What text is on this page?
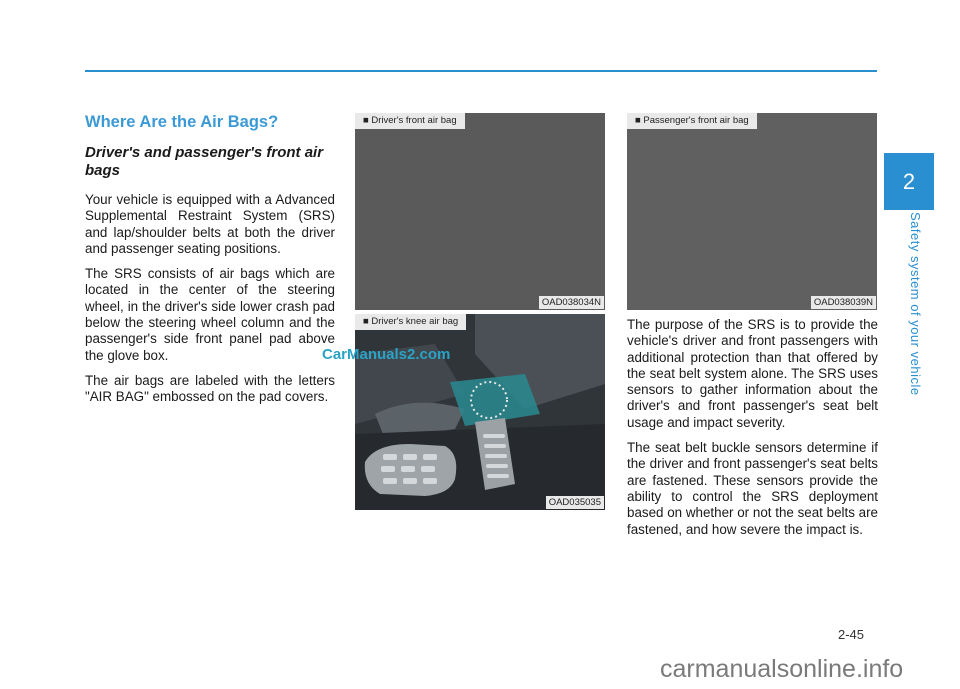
2
Safety system of your vehicle
Where Are the Air Bags?
Driver's and passenger's front air bags

Your vehicle is equipped with a Advanced Supplemental Restraint System (SRS) and lap/shoulder belts at both the driver and passenger seating positions.

The SRS consists of air bags which are located in the center of the steering wheel, in the driver's side lower crash pad below the steering wheel column and the passenger's side front panel pad above the glove box.

The air bags are labeled with the letters "AIR BAG" embossed on the pad covers.

■ Driver's front air bag
OAD038034N
■ Passenger's front air bag
OAD038039N
■ Driver's knee air bag
OAD035035
CarManuals2.com

The purpose of the SRS is to provide the vehicle's driver and front passengers with additional protection than that offered by the seat belt system alone. The SRS uses sensors to gather information about the driver's and front passenger's seat belt usage and impact severity.

The seat belt buckle sensors determine if the driver and front passenger's seat belts are fastened. These sensors provide the ability to control the SRS deployment based on whether or not the seat belts are fastened, and how severe the impact is.

2-45
carmanualsonline.info
